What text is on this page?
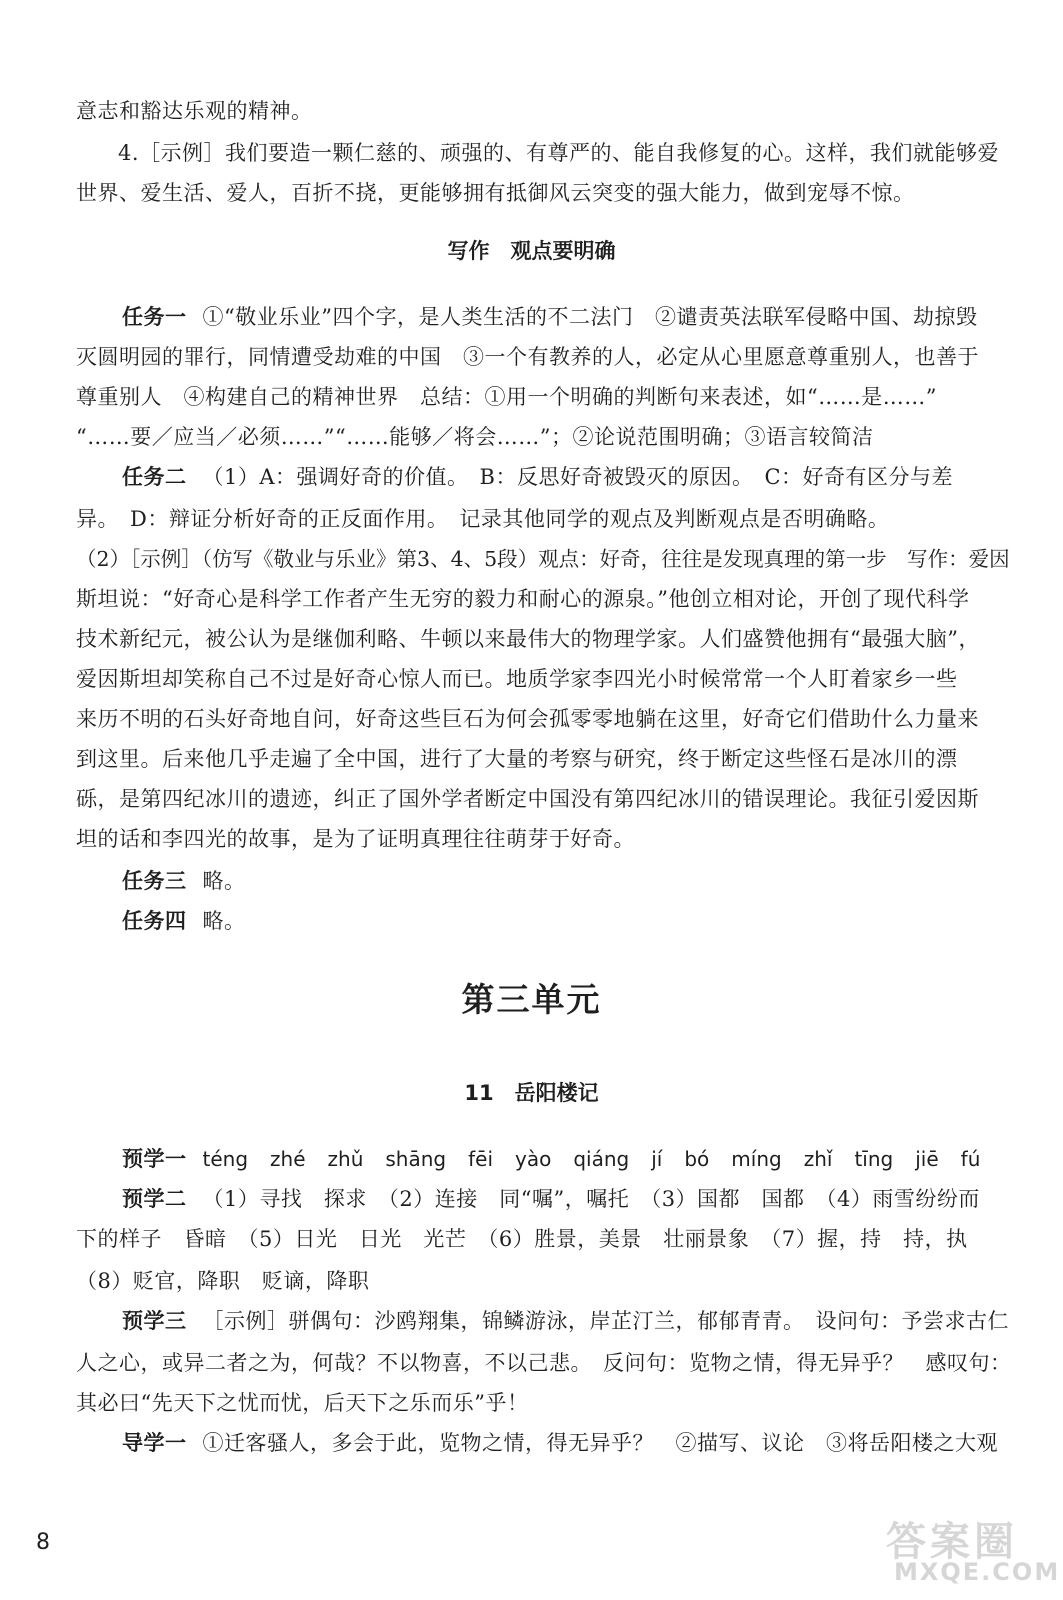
意志和豁达乐观的精神。
4.［示例］我们要造一颗仁慈的、顽强的、有尊严的、能自我修复的心。这样，我们就能够爱
世界、爱生活、爱人，百折不挠，更能够拥有抵御风云突变的强大能力，做到宠辱不惊。
写作　观点要明确
任务一 ①“敬业乐业”四个字，是人类生活的不二法门　②谴责英法联军侵略中国、劫掠毁
灭圆明园的罪行，同情遭受劫难的中国　③一个有教养的人，必定从心里愿意尊重别人，也善于
尊重别人　④构建自己的精神世界　总结：①用一个明确的判断句来表述，如“……是……”
“……要／应当／必须……”“……能够／将会……”；②论说范围明确；③语言较简洁
任务二 （1）A：强调好奇的价值。　B：反思好奇被毁灭的原因。　C：好奇有区分与差
异。　D：辩证分析好奇的正反面作用。　记录其他同学的观点及判断观点是否明确略。
（2）［示例］（仿写《敬业与乐业》第3、4、5段）观点：好奇，往往是发现真理的第一步　写作：爱因
斯坦说：“好奇心是科学工作者产生无穷的毅力和耐心的源泉。”他创立相对论，开创了现代科学
技术新纪元，被公认为是继伽利略、牛顿以来最伟大的物理学家。人们盛赞他拥有“最强大脑”，
爱因斯坦却笑称自己不过是好奇心惊人而已。地质学家李四光小时候常常一个人盯着家乡一些
来历不明的石头好奇地自问，好奇这些巨石为何会孤零零地躺在这里，好奇它们借助什么力量来
到这里。后来他几乎走遍了全中国，进行了大量的考察与研究，终于断定这些怪石是冰川的漂
砾，是第四纪冰川的遗迹，纠正了国外学者断定中国没有第四纪冰川的错误理论。我征引爱因斯
坦的话和李四光的故事，是为了证明真理往往萌芽于好奇。
任务三 略。
任务四 略。
第三单元
11　岳阳楼记
预学一 téng zhé zhǔ shāng fēi yào qiáng jí bó míng zhǐ tīng jiē fú
预学二 （1）寻找　探求　（2）连接　同“嘱”，嘱托　（3）国都　国都　（4）雨雪纷纷而
下的样子　昏暗　（5）日光　日光　光芒　（6）胜景，美景　壮丽景象　（7）握，持　持，执
（8）贬官，降职　贬谪，降职
预学三 ［示例］骈偶句：沙鸥翔集，锦鳞游泳，岸芷汀兰，郁郁青青。　设问句：予尝求古仁
人之心，或异二者之为，何哉？不以物喜，不以己悲。　反问句：览物之情，得无异乎？　感叹句：
其必曰“先天下之忧而忧，后天下之乐而乐”乎！
导学一 ①迁客骚人，多会于此，览物之情，得无异乎？　②描写、议论　③将岳阳楼之大观
8	答案圈
MXQE.COM
